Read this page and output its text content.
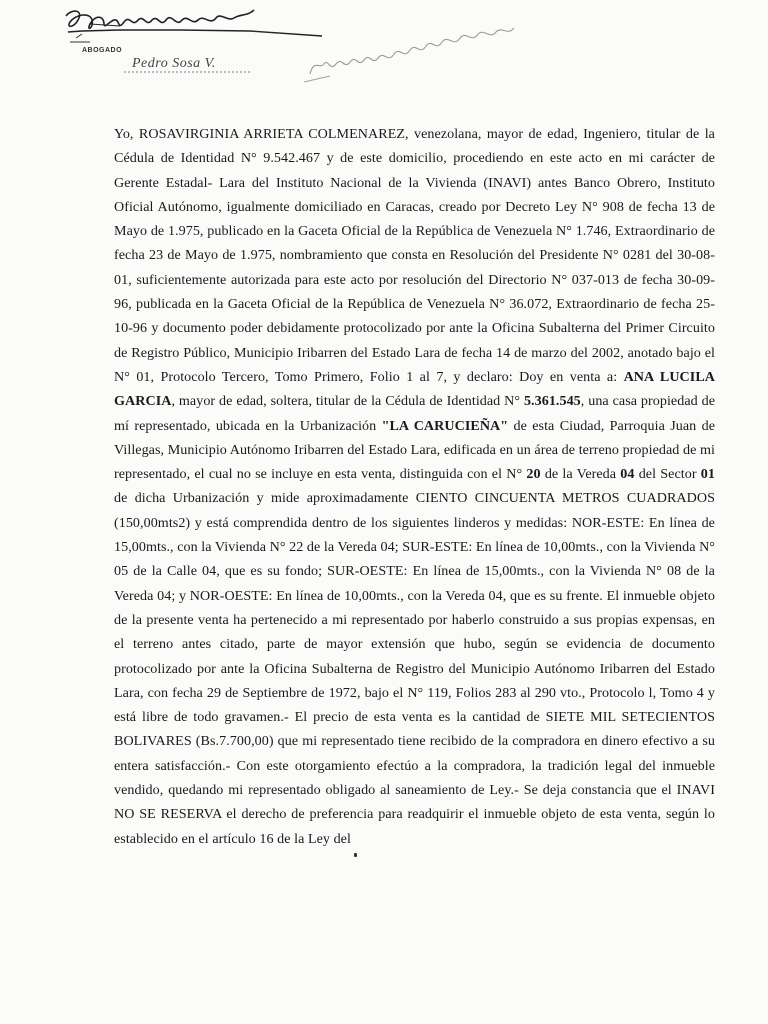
ABOGADO
Pedro Sosa V.
Yo, ROSAVIRGINIA ARRIETA COLMENAREZ, venezolana, mayor de edad, Ingeniero, titular de la Cédula de Identidad N° 9.542.467 y de este domicilio, procediendo en este acto en mi carácter de Gerente Estadal- Lara del Instituto Nacional de la Vivienda (INAVI) antes Banco Obrero, Instituto Oficial Autónomo, igualmente domiciliado en Caracas, creado por Decreto Ley N° 908 de fecha 13 de Mayo de 1.975, publicado en la Gaceta Oficial de la República de Venezuela N° 1.746, Extraordinario de fecha 23 de Mayo de 1.975, nombramiento que consta en Resolución del Presidente N° 0281 del 30-08-01, suficientemente autorizada para este acto por resolución del Directorio N° 037-013 de fecha 30-09-96, publicada en la Gaceta Oficial de la República de Venezuela N° 36.072, Extraordinario de fecha 25-10-96 y documento poder debidamente protocolizado por ante la Oficina Subalterna del Primer Circuito de Registro Público, Municipio Iribarren del Estado Lara de fecha 14 de marzo del 2002, anotado bajo el N° 01, Protocolo Tercero, Tomo Primero, Folio 1 al 7, y declaro: Doy en venta a: ANA LUCILA GARCIA, mayor de edad, soltera, titular de la Cédula de Identidad N° 5.361.545, una casa propiedad de mí representado, ubicada en la Urbanización "LA CARUCIEÑA" de esta Ciudad, Parroquia Juan de Villegas, Municipio Autónomo Iribarren del Estado Lara, edificada en un área de terreno propiedad de mi representado, el cual no se incluye en esta venta, distinguida con el N° 20 de la Vereda 04 del Sector 01 de dicha Urbanización y mide aproximadamente CIENTO CINCUENTA METROS CUADRADOS (150,00mts2) y está comprendida dentro de los siguientes linderos y medidas: NOR-ESTE: En línea de 15,00mts., con la Vivienda N° 22 de la Vereda 04; SUR-ESTE: En línea de 10,00mts., con la Vivienda N° 05 de la Calle 04, que es su fondo; SUR-OESTE: En línea de 15,00mts., con la Vivienda N° 08 de la Vereda 04; y NOR-OESTE: En línea de 10,00mts., con la Vereda 04, que es su frente. El inmueble objeto de la presente venta ha pertenecido a mi representado por haberlo construido a sus propias expensas, en el terreno antes citado, parte de mayor extensión que hubo, según se evidencia de documento protocolizado por ante la Oficina Subalterna de Registro del Municipio Autónomo Iribarren del Estado Lara, con fecha 29 de Septiembre de 1972, bajo el N° 119, Folios 283 al 290 vto., Protocolo l, Tomo 4 y está libre de todo gravamen.- El precio de esta venta es la cantidad de SIETE MIL SETECIENTOS BOLIVARES (Bs.7.700,00) que mi representado tiene recibido de la compradora en dinero efectivo a su entera satisfacción.- Con este otorgamiento efectúo a la compradora, la tradición legal del inmueble vendido, quedando mi representado obligado al saneamiento de Ley.- Se deja constancia que el INAVI NO SE RESERVA el derecho de preferencia para readquirir el inmueble objeto de esta venta, según lo establecido en el artículo 16 de la Ley del
